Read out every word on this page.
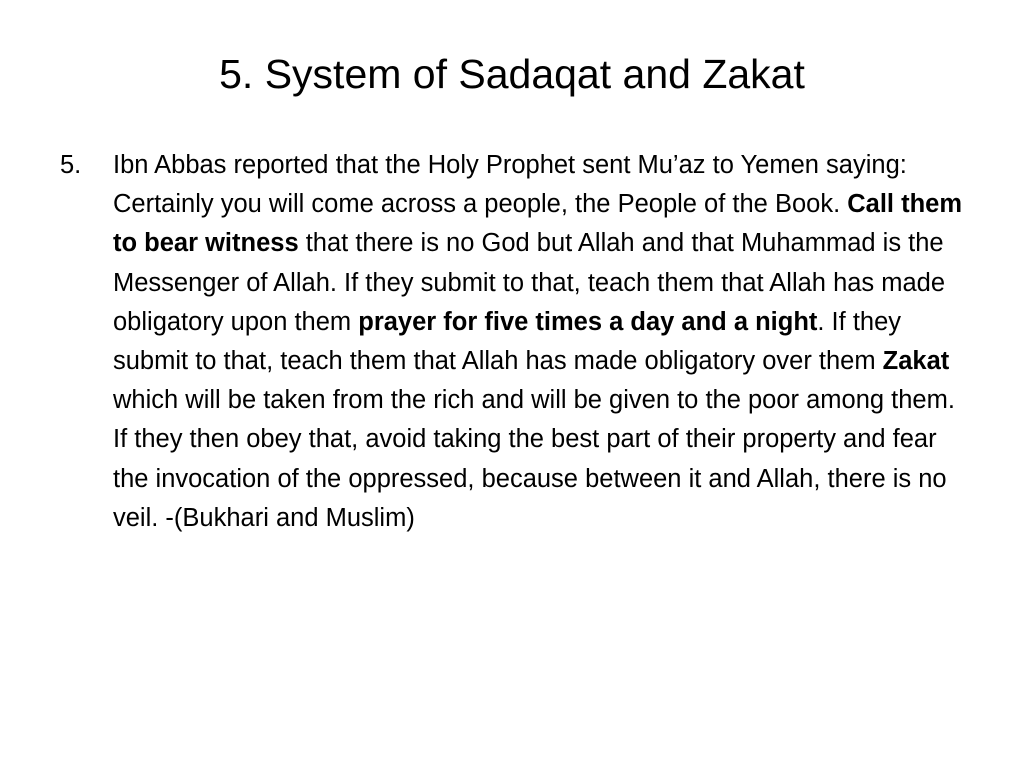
5. System of Sadaqat and Zakat
5.	Ibn Abbas reported that the Holy Prophet sent Mu’az to Yemen saying: Certainly you will come across a people, the People of the Book. Call them to bear witness that there is no God but Allah and that Muhammad is the Messenger of Allah. If they submit to that, teach them that Allah has made obligatory upon them prayer for five times a day and a night. If they submit to that, teach them that Allah has made obligatory over them Zakat which will be taken from the rich and will be given to the poor among them. If they then obey that, avoid taking the best part of their property and fear the invocation of the oppressed, because between it and Allah, there is no veil. -(Bukhari and Muslim)
